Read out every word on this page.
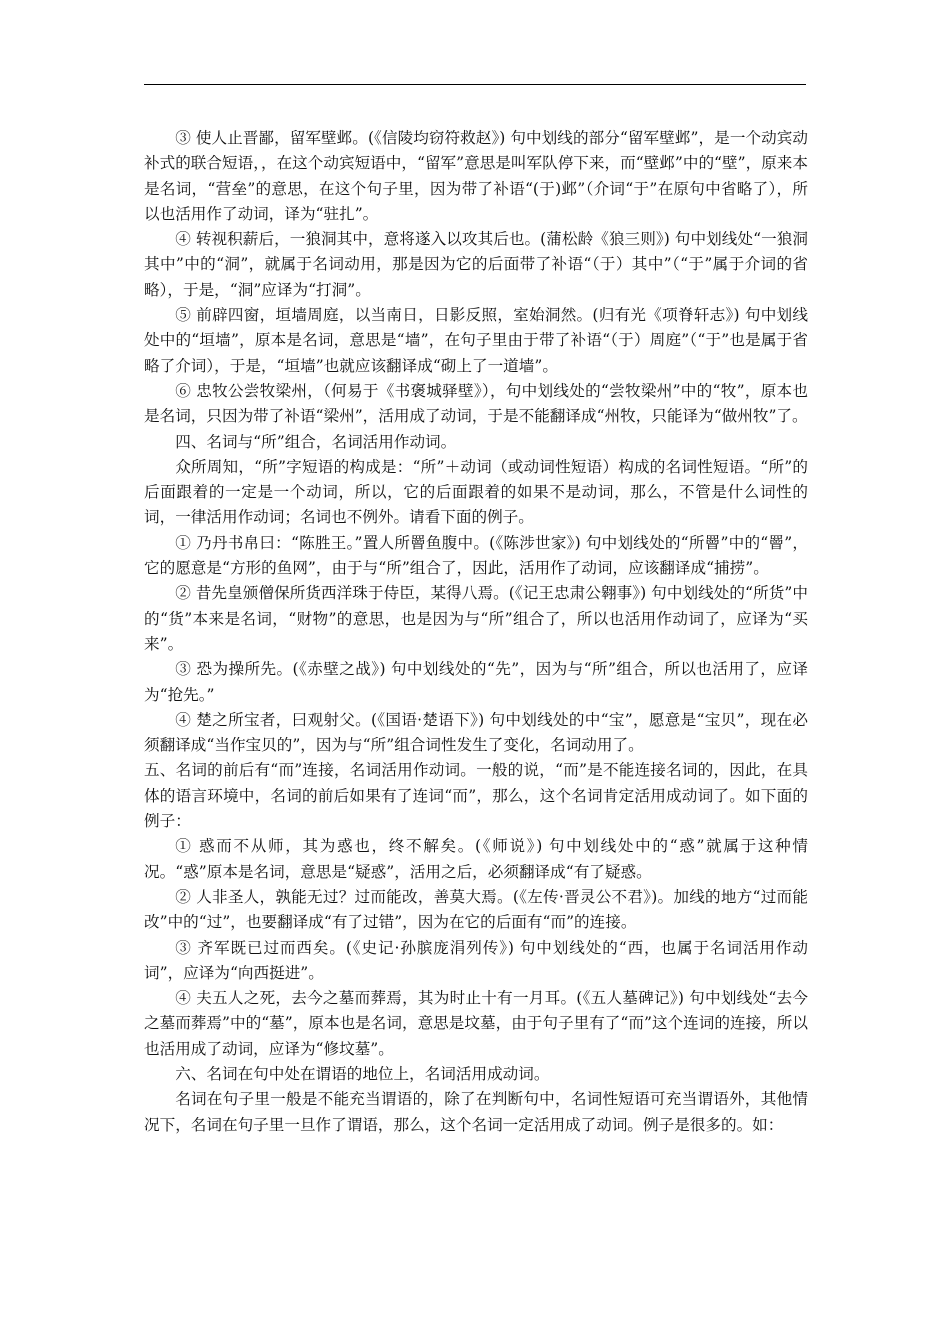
③ 使人止晋鄙，留军壁邺。(《信陵均窃符救赵》) 句中划线的部分“留军壁邺”，是一个动宾动补式的联合短语，，在这个动宾短语中，“留军”意思是叫军队停下来，而“壁邺”中的“壁”，原来本是名词，“营垒”的意思，在这个句子里，因为带了补语“(于)邺”（介词“于”在原句中省略了），所以也活用作了动词，译为“驻扎”。

④ 转视积薪后，一狼洞其中，意将遂入以攻其后也。(蒲松龄《狼三则》) 句中划线处“一狼洞其中”中的“洞”，就属于名词动用，那是因为它的后面带了补语“（于）其中”（“于”属于介词的省略），于是，“洞”应译为“打洞”。

⑤ 前辟四窗，垣墙周庭，以当南日，日影反照，室始洞然。(归有光《项脊轩志》) 句中划线处中的“垣墙”，原本是名词，意思是“墙”，在句子里由于带了补语“（于）周庭”（“于”也是属于省略了介词），于是，“垣墙”也就应该翻译成“砌上了一道墙”。

⑥ 忠牧公尝牧梁州，（何易于《书褒城驿壁》），句中划线处的“尝牧梁州”中的“牧”，原本也是名词，只因为带了补语“梁州”，活用成了动词，于是不能翻译成“州牧，只能译为“做州牧”了。

四、名词与“所”组合，名词活用作动词。

众所周知，“所”字短语的构成是：“所”＋动词（或动词性短语）构成的名词性短语。“所”的后面跟着的一定是一个动词，所以，它的后面跟着的如果不是动词，那么，不管是什么词性的词，一律活用作动词；名词也不例外。请看下面的例子。

① 乃丹书帛曰：“陈胜王。”置人所罾鱼腹中。(《陈涉世家》) 句中划线处的“所罾”中的“罾”，它的愿意是“方形的鱼网”，由于与“所”组合了，因此，活用作了动词，应该翻译成“捕捞”。

② 昔先皇颁僧保所货西洋珠于侍臣，某得八焉。(《记王忠肃公翱事》) 句中划线处的“所货”中的“货”本来是名词，“财物”的意思，也是因为与“所”组合了，所以也活用作动词了，应译为“买来”。

③ 恐为操所先。(《赤壁之战》) 句中划线处的“先”，因为与“所”组合，所以也活用了，应译为“抢先。”

④ 楚之所宝者，曰观射父。(《国语·楚语下》) 句中划线处的中“宝”，愿意是“宝贝”，现在必须翻译成“当作宝贝的”，因为与“所”组合词性发生了变化，名词动用了。

五、名词的前后有“而”连接，名词活用作动词。一般的说，“而”是不能连接名词的，因此，在具体的语言环境中，名词的前后如果有了连词“而”，那么，这个名词肯定活用成动词了。如下面的例子：

① 惑而不从师，其为惑也，终不解矣。(《师说》) 句中划线处中的“惑”就属于这种情况。“惑”原本是名词，意思是“疑惑”，活用之后，必须翻译成“有了疑惑。

② 人非圣人，孰能无过？过而能改，善莫大焉。(《左传·晋灵公不君》)。加线的地方“过而能改”中的“过”，也要翻译成“有了过错”，因为在它的后面有“而”的连接。

③ 齐军既已过而西矣。(《史记·孙膑庞涓列传》) 句中划线处的“西，也属于名词活用作动词”，应译为“向西挺进”。

④ 夫五人之死，去今之墓而葬焉，其为时止十有一月耳。(《五人墓碑记》) 句中划线处“去今之墓而葬焉”中的“墓”，原本也是名词，意思是坟墓，由于句子里有了“而”这个连词的连接，所以也活用成了动词，应译为“修坟墓”。

六、名词在句中处在谓语的地位上，名词活用成动词。

名词在句子里一般是不能充当谓语的，除了在判断句中，名词性短语可充当谓语外，其他情况下，名词在句子里一旦作了谓语，那么，这个名词一定活用成了动词。例子是很多的。如：
